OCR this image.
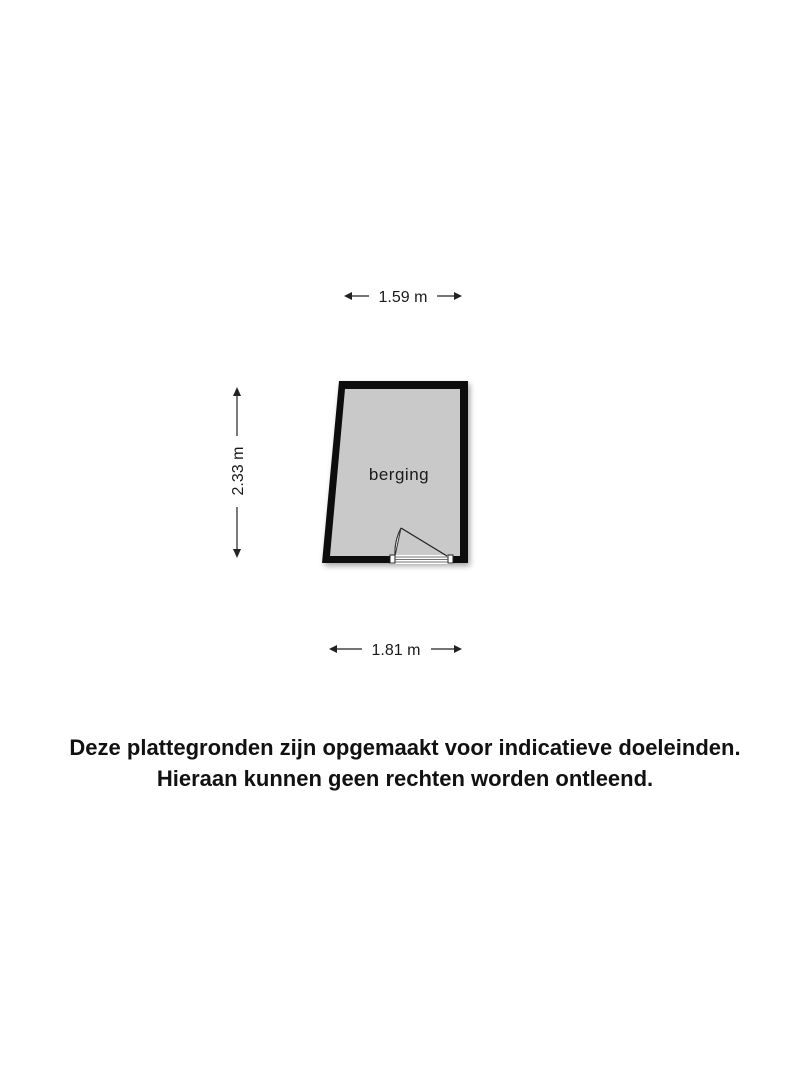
1.59 m
2.33 m	berging
1.81 m
Deze plattegronden zijn opgemaakt voor indicatieve doeleinden.
Hieraan kunnen geen rechten worden ontleend.
